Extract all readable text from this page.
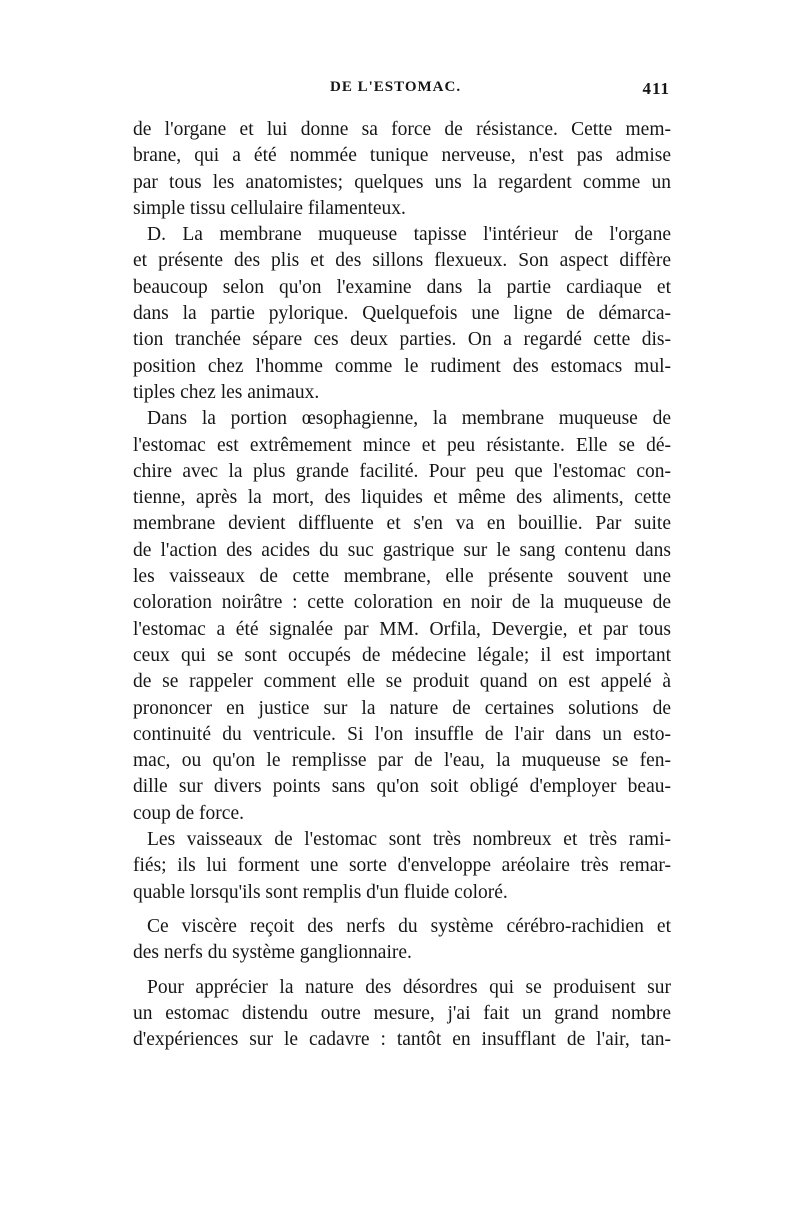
DE L'ESTOMAC.	411
de l'organe et lui donne sa force de résistance. Cette mem-
brane, qui a été nommée tunique nerveuse, n'est pas admise
par tous les anatomistes; quelques uns la regardent comme un
simple tissu cellulaire filamenteux.
D. La membrane muqueuse tapisse l'intérieur de l'organe
et présente des plis et des sillons flexueux. Son aspect diffère
beaucoup selon qu'on l'examine dans la partie cardiaque et
dans la partie pylorique. Quelquefois une ligne de démarca-
tion tranchée sépare ces deux parties. On a regardé cette dis-
position chez l'homme comme le rudiment des estomacs mul-
tiples chez les animaux.
Dans la portion œsophagienne, la membrane muqueuse de
l'estomac est extrêmement mince et peu résistante. Elle se dé-
chire avec la plus grande facilité. Pour peu que l'estomac con-
tienne, après la mort, des liquides et même des aliments, cette
membrane devient diffluente et s'en va en bouillie. Par suite
de l'action des acides du suc gastrique sur le sang contenu dans
les vaisseaux de cette membrane, elle présente souvent une
coloration noirâtre : cette coloration en noir de la muqueuse de
l'estomac a été signalée par MM. Orfila, Devergie, et par tous
ceux qui se sont occupés de médecine légale; il est important
de se rappeler comment elle se produit quand on est appelé à
prononcer en justice sur la nature de certaines solutions de
continuité du ventricule. Si l'on insuffle de l'air dans un esto-
mac, ou qu'on le remplisse par de l'eau, la muqueuse se fen-
dille sur divers points sans qu'on soit obligé d'employer beau-
coup de force.
Les vaisseaux de l'estomac sont très nombreux et très rami-
fiés; ils lui forment une sorte d'enveloppe aréolaire très remar-
quable lorsqu'ils sont remplis d'un fluide coloré.
Ce viscère reçoit des nerfs du système cérébro-rachidien et
des nerfs du système ganglionnaire.
Pour apprécier la nature des désordres qui se produisent sur
un estomac distendu outre mesure, j'ai fait un grand nombre
d'expériences sur le cadavre : tantôt en insufflant de l'air, tan-
